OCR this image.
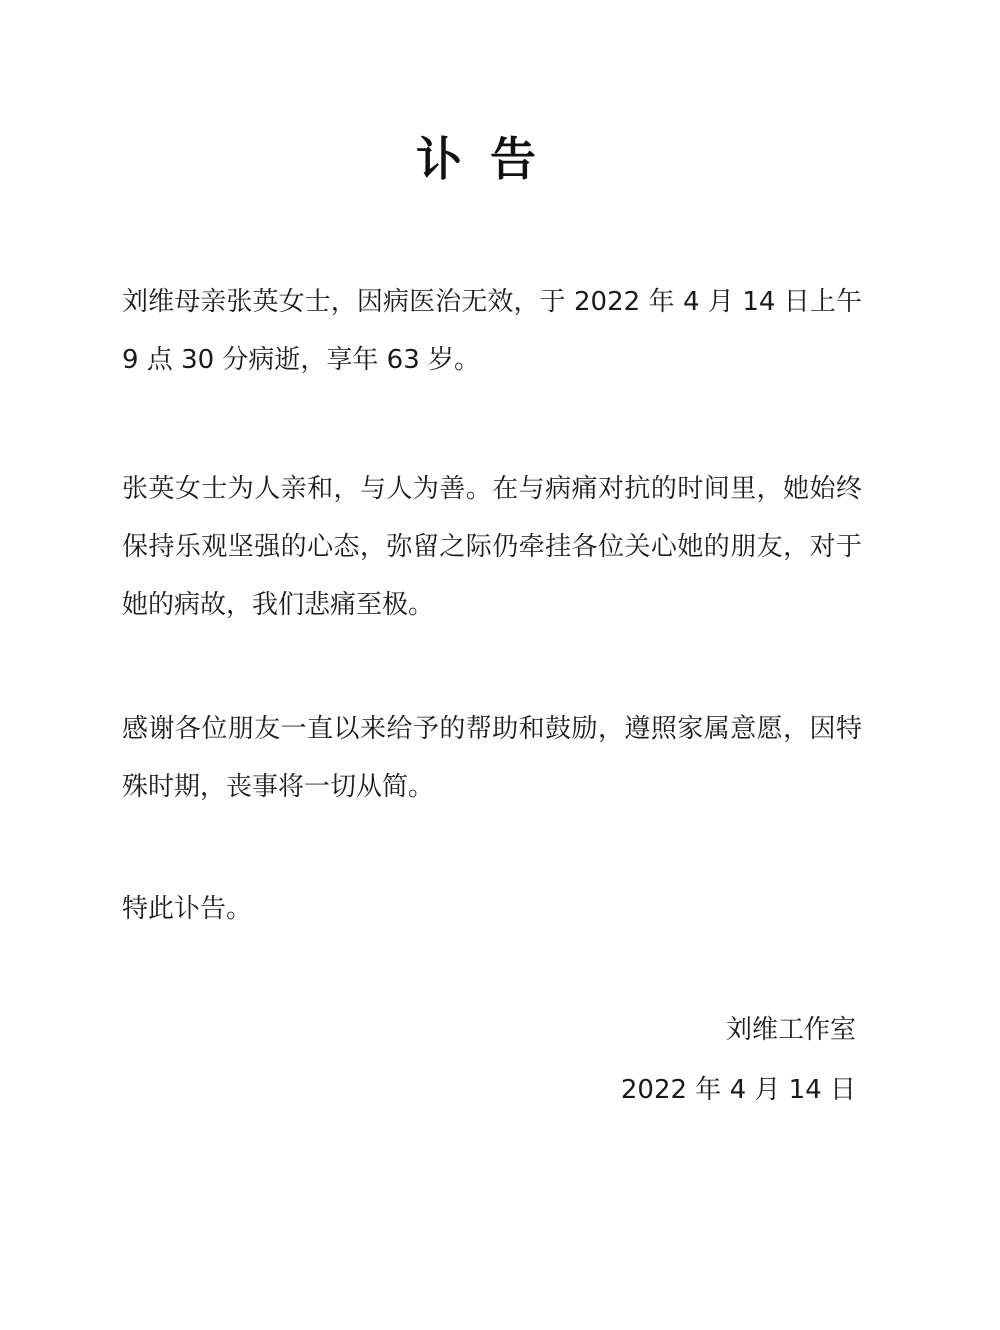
讣告

刘维母亲张英女士，因病医治无效，于 2022 年 4 月 14 日上午 9 点 30 分病逝，享年 63 岁。

张英女士为人亲和，与人为善。在与病痛对抗的时间里，她始终保持乐观坚强的心态，弥留之际仍牵挂各位关心她的朋友，对于她的病故，我们悲痛至极。

感谢各位朋友一直以来给予的帮助和鼓励，遵照家属意愿，因特殊时期，丧事将一切从简。

特此讣告。

刘维工作室
2022 年 4 月 14 日
